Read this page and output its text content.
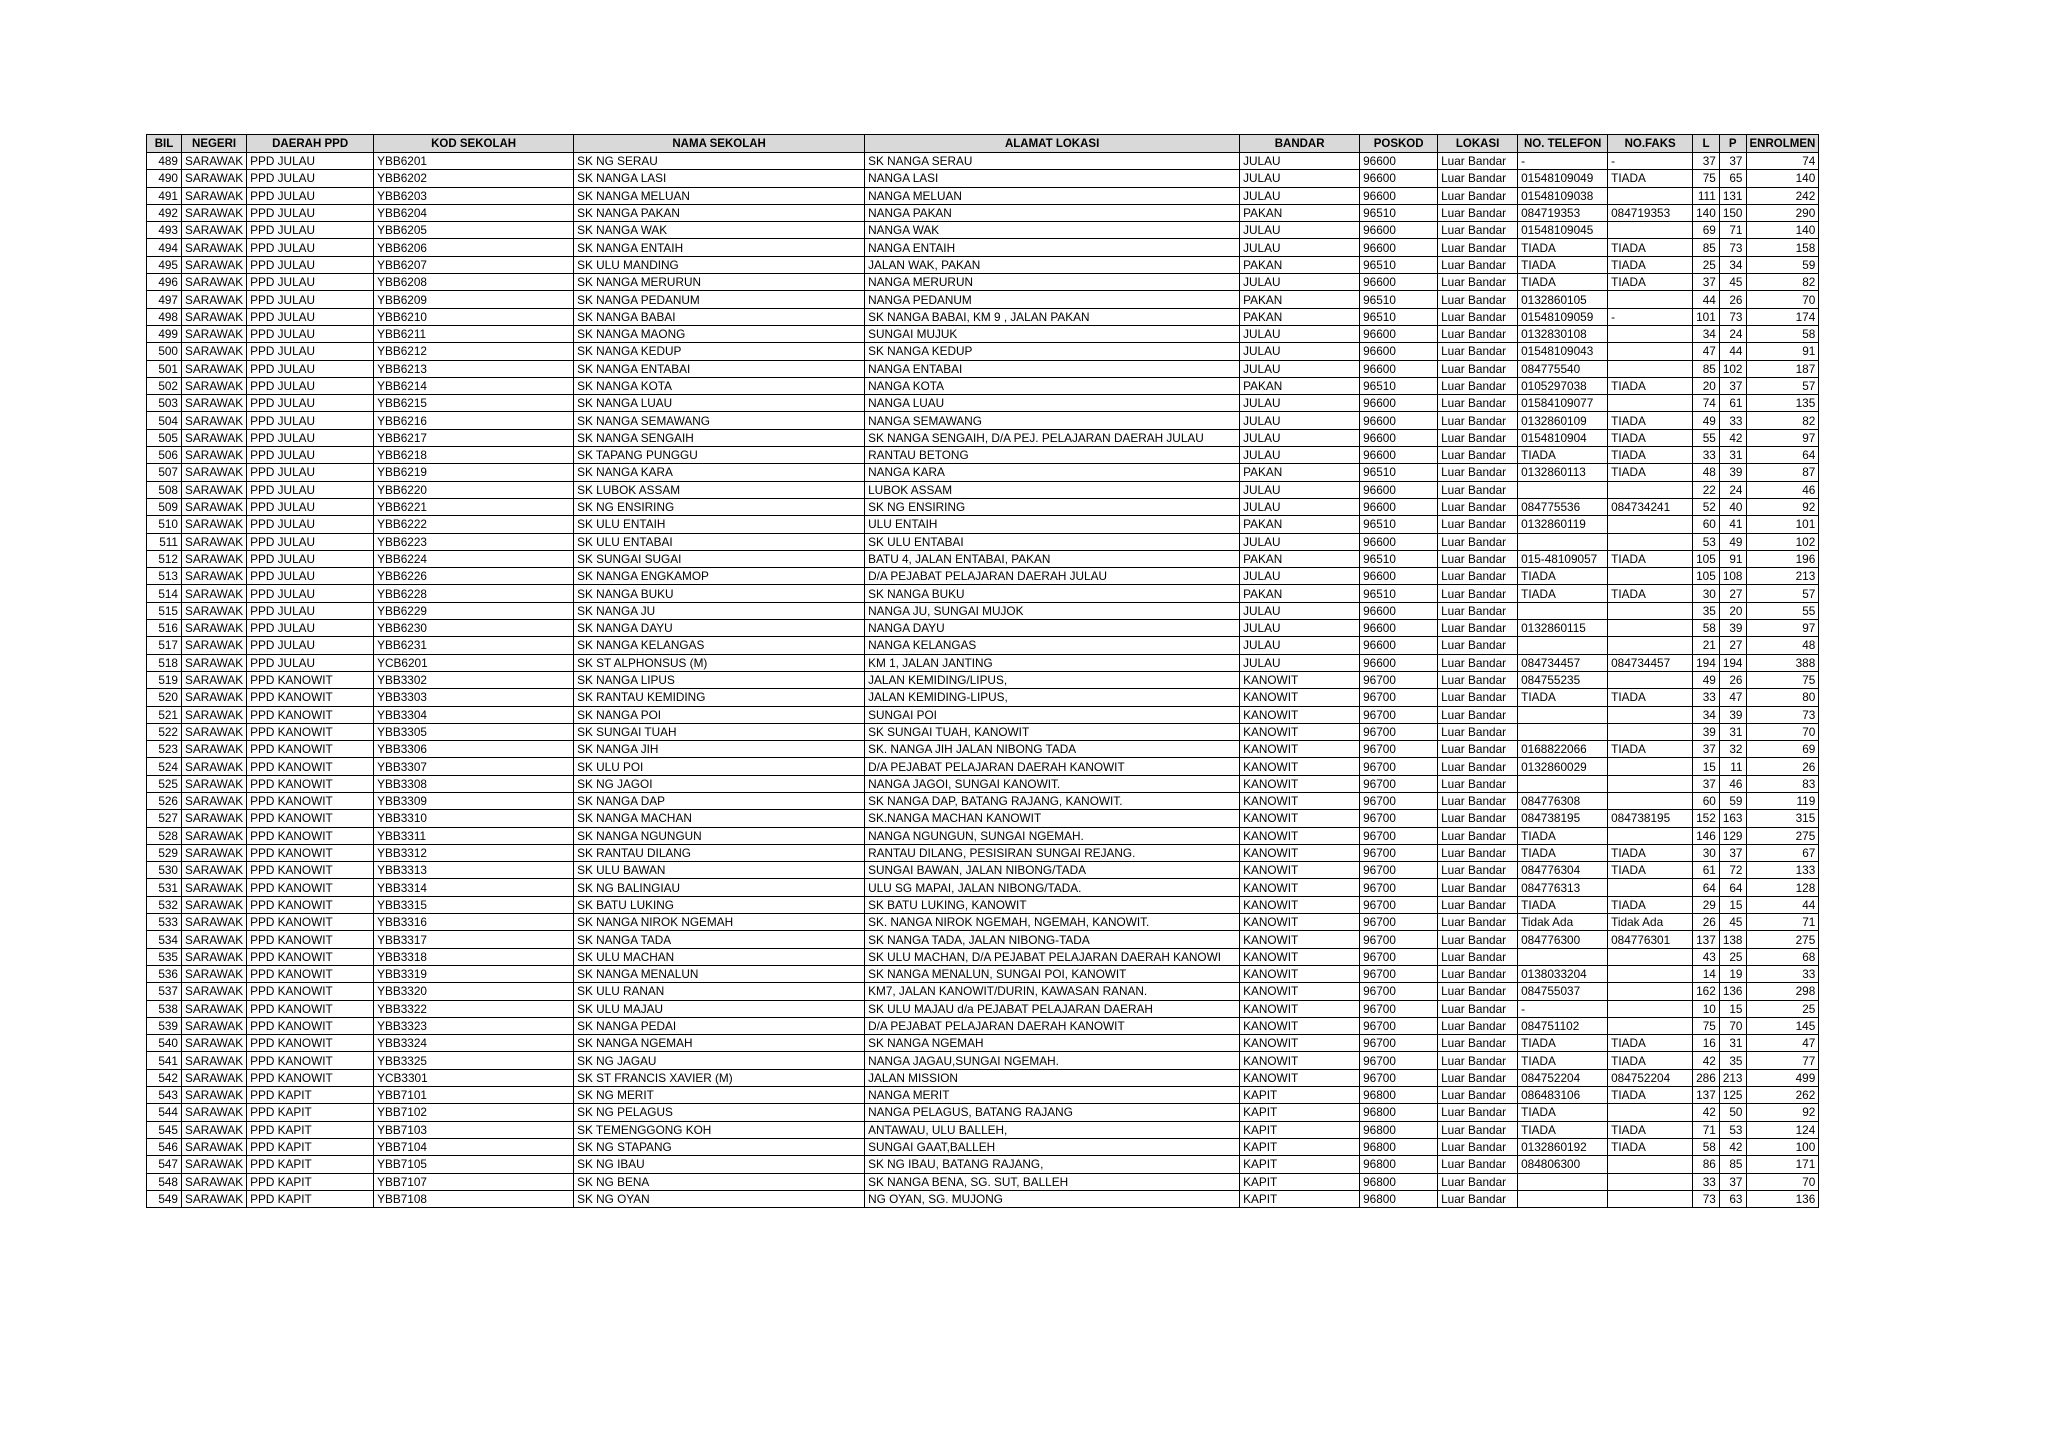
BIL	NEGERI	DAERAH PPD	KOD SEKOLAH	NAMA SEKOLAH	ALAMAT LOKASI	BANDAR	POSKOD	LOKASI	NO. TELEFON	NO.FAKS	L	P	ENROLMEN
489	SARAWAK	PPD JULAU	YBB6201	SK NG SERAU	SK NANGA SERAU	JULAU	96600	Luar Bandar	-	-	37	37	74
490	SARAWAK	PPD JULAU	YBB6202	SK NANGA LASI	NANGA LASI	JULAU	96600	Luar Bandar	01548109049	TIADA	75	65	140
491	SARAWAK	PPD JULAU	YBB6203	SK NANGA MELUAN	NANGA MELUAN	JULAU	96600	Luar Bandar	01548109038		111	131	242
492	SARAWAK	PPD JULAU	YBB6204	SK NANGA PAKAN	NANGA PAKAN	PAKAN	96510	Luar Bandar	084719353	084719353	140	150	290
493	SARAWAK	PPD JULAU	YBB6205	SK NANGA WAK	NANGA WAK	JULAU	96600	Luar Bandar	01548109045		69	71	140
494	SARAWAK	PPD JULAU	YBB6206	SK NANGA ENTAIH	NANGA ENTAIH	JULAU	96600	Luar Bandar	TIADA	TIADA	85	73	158
495	SARAWAK	PPD JULAU	YBB6207	SK ULU MANDING	JALAN WAK, PAKAN	PAKAN	96510	Luar Bandar	TIADA	TIADA	25	34	59
496	SARAWAK	PPD JULAU	YBB6208	SK NANGA MERURUN	NANGA MERURUN	JULAU	96600	Luar Bandar	TIADA	TIADA	37	45	82
497	SARAWAK	PPD JULAU	YBB6209	SK NANGA PEDANUM	NANGA PEDANUM	PAKAN	96510	Luar Bandar	0132860105		44	26	70
498	SARAWAK	PPD JULAU	YBB6210	SK NANGA BABAI	SK NANGA BABAI, KM 9 , JALAN PAKAN	PAKAN	96510	Luar Bandar	01548109059	-	101	73	174
499	SARAWAK	PPD JULAU	YBB6211	SK NANGA MAONG	SUNGAI MUJUK	JULAU	96600	Luar Bandar	0132830108		34	24	58
500	SARAWAK	PPD JULAU	YBB6212	SK NANGA KEDUP	SK NANGA KEDUP	JULAU	96600	Luar Bandar	01548109043		47	44	91
501	SARAWAK	PPD JULAU	YBB6213	SK NANGA ENTABAI	NANGA ENTABAI	JULAU	96600	Luar Bandar	084775540		85	102	187
502	SARAWAK	PPD JULAU	YBB6214	SK NANGA KOTA	NANGA KOTA	PAKAN	96510	Luar Bandar	0105297038	TIADA	20	37	57
503	SARAWAK	PPD JULAU	YBB6215	SK NANGA LUAU	NANGA LUAU	JULAU	96600	Luar Bandar	01584109077		74	61	135
504	SARAWAK	PPD JULAU	YBB6216	SK NANGA SEMAWANG	NANGA SEMAWANG	JULAU	96600	Luar Bandar	0132860109	TIADA	49	33	82
505	SARAWAK	PPD JULAU	YBB6217	SK NANGA SENGAIH	SK NANGA SENGAIH, D/A PEJ. PELAJARAN DAERAH JULAU	JULAU	96600	Luar Bandar	0154810904	TIADA	55	42	97
506	SARAWAK	PPD JULAU	YBB6218	SK TAPANG PUNGGU	RANTAU BETONG	JULAU	96600	Luar Bandar	TIADA	TIADA	33	31	64
507	SARAWAK	PPD JULAU	YBB6219	SK NANGA KARA	NANGA KARA	PAKAN	96510	Luar Bandar	0132860113	TIADA	48	39	87
508	SARAWAK	PPD JULAU	YBB6220	SK LUBOK ASSAM	LUBOK ASSAM	JULAU	96600	Luar Bandar			22	24	46
509	SARAWAK	PPD JULAU	YBB6221	SK NG ENSIRING	SK NG ENSIRING	JULAU	96600	Luar Bandar	084775536	084734241	52	40	92
510	SARAWAK	PPD JULAU	YBB6222	SK ULU ENTAIH	ULU ENTAIH	PAKAN	96510	Luar Bandar	0132860119		60	41	101
511	SARAWAK	PPD JULAU	YBB6223	SK ULU ENTABAI	SK ULU ENTABAI	JULAU	96600	Luar Bandar			53	49	102
512	SARAWAK	PPD JULAU	YBB6224	SK SUNGAI SUGAI	BATU 4, JALAN ENTABAI, PAKAN	PAKAN	96510	Luar Bandar	015-48109057	TIADA	105	91	196
513	SARAWAK	PPD JULAU	YBB6226	SK NANGA ENGKAMOP	D/A PEJABAT PELAJARAN DAERAH JULAU	JULAU	96600	Luar Bandar	TIADA		105	108	213
514	SARAWAK	PPD JULAU	YBB6228	SK NANGA BUKU	SK NANGA BUKU	PAKAN	96510	Luar Bandar	TIADA	TIADA	30	27	57
515	SARAWAK	PPD JULAU	YBB6229	SK NANGA JU	NANGA JU, SUNGAI MUJOK	JULAU	96600	Luar Bandar			35	20	55
516	SARAWAK	PPD JULAU	YBB6230	SK NANGA DAYU	NANGA DAYU	JULAU	96600	Luar Bandar	0132860115		58	39	97
517	SARAWAK	PPD JULAU	YBB6231	SK NANGA KELANGAS	NANGA KELANGAS	JULAU	96600	Luar Bandar			21	27	48
518	SARAWAK	PPD JULAU	YCB6201	SK ST ALPHONSUS (M)	KM 1, JALAN JANTING	JULAU	96600	Luar Bandar	084734457	084734457	194	194	388
519	SARAWAK	PPD KANOWIT	YBB3302	SK NANGA LIPUS	JALAN KEMIDING/LIPUS,	KANOWIT	96700	Luar Bandar	084755235		49	26	75
520	SARAWAK	PPD KANOWIT	YBB3303	SK RANTAU KEMIDING	JALAN KEMIDING-LIPUS,	KANOWIT	96700	Luar Bandar	TIADA	TIADA	33	47	80
521	SARAWAK	PPD KANOWIT	YBB3304	SK NANGA POI	SUNGAI POI	KANOWIT	96700	Luar Bandar			34	39	73
522	SARAWAK	PPD KANOWIT	YBB3305	SK SUNGAI TUAH	SK SUNGAI TUAH, KANOWIT	KANOWIT	96700	Luar Bandar			39	31	70
523	SARAWAK	PPD KANOWIT	YBB3306	SK NANGA JIH	SK. NANGA JIH JALAN NIBONG TADA	KANOWIT	96700	Luar Bandar	0168822066	TIADA	37	32	69
524	SARAWAK	PPD KANOWIT	YBB3307	SK ULU POI	D/A PEJABAT PELAJARAN DAERAH KANOWIT	KANOWIT	96700	Luar Bandar	0132860029		15	11	26
525	SARAWAK	PPD KANOWIT	YBB3308	SK NG JAGOI	NANGA JAGOI, SUNGAI KANOWIT.	KANOWIT	96700	Luar Bandar			37	46	83
526	SARAWAK	PPD KANOWIT	YBB3309	SK NANGA DAP	SK NANGA DAP, BATANG RAJANG, KANOWIT.	KANOWIT	96700	Luar Bandar	084776308		60	59	119
527	SARAWAK	PPD KANOWIT	YBB3310	SK NANGA MACHAN	SK.NANGA MACHAN KANOWIT	KANOWIT	96700	Luar Bandar	084738195	084738195	152	163	315
528	SARAWAK	PPD KANOWIT	YBB3311	SK NANGA NGUNGUN	NANGA NGUNGUN, SUNGAI NGEMAH.	KANOWIT	96700	Luar Bandar	TIADA		146	129	275
529	SARAWAK	PPD KANOWIT	YBB3312	SK RANTAU DILANG	RANTAU DILANG, PESISIRAN SUNGAI REJANG.	KANOWIT	96700	Luar Bandar	TIADA	TIADA	30	37	67
530	SARAWAK	PPD KANOWIT	YBB3313	SK ULU BAWAN	SUNGAI BAWAN, JALAN NIBONG/TADA	KANOWIT	96700	Luar Bandar	084776304	TIADA	61	72	133
531	SARAWAK	PPD KANOWIT	YBB3314	SK NG BALINGIAU	ULU SG MAPAI, JALAN NIBONG/TADA.	KANOWIT	96700	Luar Bandar	084776313		64	64	128
532	SARAWAK	PPD KANOWIT	YBB3315	SK BATU LUKING	SK BATU LUKING, KANOWIT	KANOWIT	96700	Luar Bandar	TIADA	TIADA	29	15	44
533	SARAWAK	PPD KANOWIT	YBB3316	SK NANGA NIROK NGEMAH	SK. NANGA NIROK NGEMAH, NGEMAH, KANOWIT.	KANOWIT	96700	Luar Bandar	Tidak Ada	Tidak Ada	26	45	71
534	SARAWAK	PPD KANOWIT	YBB3317	SK NANGA TADA	SK NANGA TADA, JALAN NIBONG-TADA	KANOWIT	96700	Luar Bandar	084776300	084776301	137	138	275
535	SARAWAK	PPD KANOWIT	YBB3318	SK ULU MACHAN	SK ULU MACHAN, D/A PEJABAT PELAJARAN DAERAH KANOWI	KANOWIT	96700	Luar Bandar			43	25	68
536	SARAWAK	PPD KANOWIT	YBB3319	SK NANGA MENALUN	SK NANGA MENALUN, SUNGAI POI, KANOWIT	KANOWIT	96700	Luar Bandar	0138033204		14	19	33
537	SARAWAK	PPD KANOWIT	YBB3320	SK ULU RANAN	KM7, JALAN KANOWIT/DURIN, KAWASAN RANAN.	KANOWIT	96700	Luar Bandar	084755037		162	136	298
538	SARAWAK	PPD KANOWIT	YBB3322	SK ULU MAJAU	SK ULU MAJAU d/a PEJABAT PELAJARAN DAERAH	KANOWIT	96700	Luar Bandar	-		10	15	25
539	SARAWAK	PPD KANOWIT	YBB3323	SK NANGA PEDAI	D/A PEJABAT PELAJARAN DAERAH KANOWIT	KANOWIT	96700	Luar Bandar	084751102		75	70	145
540	SARAWAK	PPD KANOWIT	YBB3324	SK NANGA NGEMAH	SK NANGA NGEMAH	KANOWIT	96700	Luar Bandar	TIADA	TIADA	16	31	47
541	SARAWAK	PPD KANOWIT	YBB3325	SK NG JAGAU	NANGA JAGAU,SUNGAI NGEMAH.	KANOWIT	96700	Luar Bandar	TIADA	TIADA	42	35	77
542	SARAWAK	PPD KANOWIT	YCB3301	SK ST FRANCIS XAVIER (M)	JALAN MISSION	KANOWIT	96700	Luar Bandar	084752204	084752204	286	213	499
543	SARAWAK	PPD KAPIT	YBB7101	SK NG MERIT	NANGA MERIT	KAPIT	96800	Luar Bandar	086483106	TIADA	137	125	262
544	SARAWAK	PPD KAPIT	YBB7102	SK NG PELAGUS	NANGA PELAGUS, BATANG RAJANG	KAPIT	96800	Luar Bandar	TIADA		42	50	92
545	SARAWAK	PPD KAPIT	YBB7103	SK TEMENGGONG KOH	ANTAWAU, ULU BALLEH,	KAPIT	96800	Luar Bandar	TIADA	TIADA	71	53	124
546	SARAWAK	PPD KAPIT	YBB7104	SK NG STAPANG	SUNGAI GAAT,BALLEH	KAPIT	96800	Luar Bandar	0132860192	TIADA	58	42	100
547	SARAWAK	PPD KAPIT	YBB7105	SK NG IBAU	SK NG IBAU, BATANG RAJANG,	KAPIT	96800	Luar Bandar	084806300		86	85	171
548	SARAWAK	PPD KAPIT	YBB7107	SK NG BENA	SK NANGA BENA, SG. SUT, BALLEH	KAPIT	96800	Luar Bandar			33	37	70
549	SARAWAK	PPD KAPIT	YBB7108	SK NG OYAN	NG OYAN, SG. MUJONG	KAPIT	96800	Luar Bandar			73	63	136
